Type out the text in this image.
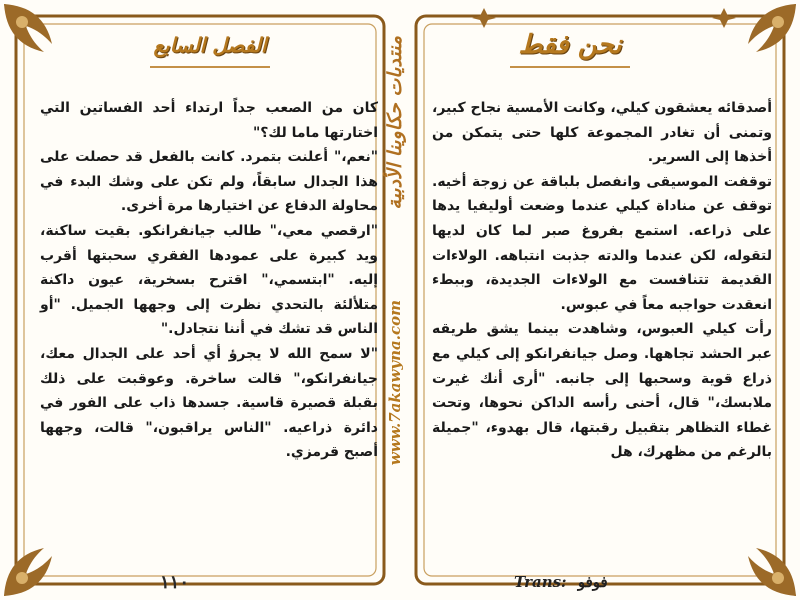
الفصل السابع

كان من الصعب جداً ارتداء أحد الفساتين التي اختارتها ماما لك؟"

"نعم،" أعلنت بتمرد. كانت بالفعل قد حصلت على هذا الجدال سابقاً، ولم تكن على وشك البدء في محاولة الدفاع عن اختيارها مرة أخرى.

"ارقصي معي،" طالب جيانفرانكو. بقيت ساكنة، ويد كبيرة على عمودها الفقري سحبتها أقرب إليه. "ابتسمي،" اقترح بسخرية، عيون داكنة متلألئة بالتحدي نظرت إلى وجهها الجميل. "أو الناس قد تشك في أننا نتجادل."

"لا سمح الله لا يجرؤ أي أحد على الجدال معك، جيانفرانكو،" قالت ساخرة. وعوقبت على ذلك بقبلة قصيرة قاسية. جسدها ذاب على الفور في دائرة ذراعيه. "الناس يراقبون،" قالت، وجهها أصبح قرمزي.

١١٠
نحن فقط

أصدقائه يعشقون كيلي، وكانت الأمسية نجاح كبير، وتمنى أن تغادر المجموعة كلها حتى يتمكن من أخذها إلى السرير.

توقفت الموسيقى وانفصل بلباقة عن زوجة أخيه. توقف عن مناداة كيلي عندما وضعت أوليفيا يدها على ذراعه. استمع بفروغ صبر لما كان لديها لتقوله، لكن عندما والدته جذبت انتباهه. الولاءات القديمة تتنافست مع الولاءات الجديدة، وببطء انعقدت حواجبه معاً في عبوس.

رأت كيلي العبوس، وشاهدت بينما يشق طريقه عبر الحشد تجاهها. وصل جيانفرانكو إلى كيلي مع ذراع قوية وسحبها إلى جانبه. "أرى أنك غيرت ملابسك،" قال، أحنى رأسه الداكن نحوها، وتحت غطاء التظاهر بتقبيل رقبتها، قال بهدوء، "جميلة بالرغم من مظهرك، هل

منتديات حكاوينا الأدبية
www.7akawyna.com
Trans: فوفو
